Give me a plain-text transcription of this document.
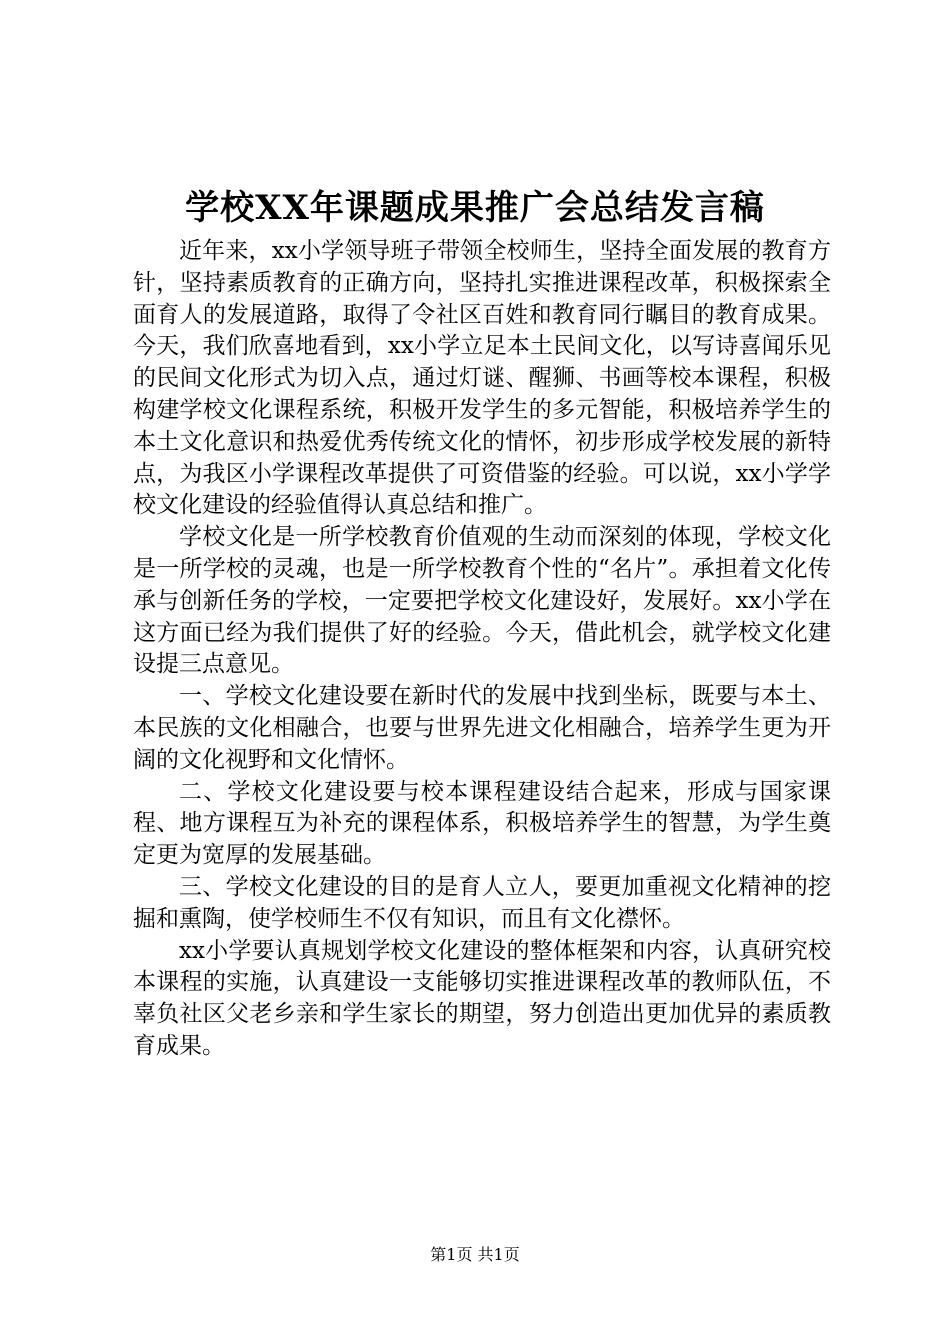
学校XX年课题成果推广会总结发言稿

近年来，xx小学领导班子带领全校师生，坚持全面发展的教育方针，坚持素质教育的正确方向，坚持扎实推进课程改革，积极探索全面育人的发展道路，取得了令社区百姓和教育同行瞩目的教育成果。今天，我们欣喜地看到，xx小学立足本土民间文化，以写诗喜闻乐见的民间文化形式为切入点，通过灯谜、醒狮、书画等校本课程，积极构建学校文化课程系统，积极开发学生的多元智能，积极培养学生的本土文化意识和热爱优秀传统文化的情怀，初步形成学校发展的新特点，为我区小学课程改革提供了可资借鉴的经验。可以说，xx小学学校文化建设的经验值得认真总结和推广。

学校文化是一所学校教育价值观的生动而深刻的体现，学校文化是一所学校的灵魂，也是一所学校教育个性的“名片”。承担着文化传承与创新任务的学校，一定要把学校文化建设好，发展好。xx小学在这方面已经为我们提供了好的经验。今天，借此机会，就学校文化建设提三点意见。

一、学校文化建设要在新时代的发展中找到坐标，既要与本土、本民族的文化相融合，也要与世界先进文化相融合，培养学生更为开阔的文化视野和文化情怀。

二、学校文化建设要与校本课程建设结合起来，形成与国家课程、地方课程互为补充的课程体系，积极培养学生的智慧，为学生奠定更为宽厚的发展基础。

三、学校文化建设的目的是育人立人，要更加重视文化精神的挖掘和熏陶，使学校师生不仅有知识，而且有文化襟怀。

xx小学要认真规划学校文化建设的整体框架和内容，认真研究校本课程的实施，认真建设一支能够切实推进课程改革的教师队伍，不辜负社区父老乡亲和学生家长的期望，努力创造出更加优异的素质教育成果。

第1页 共1页
